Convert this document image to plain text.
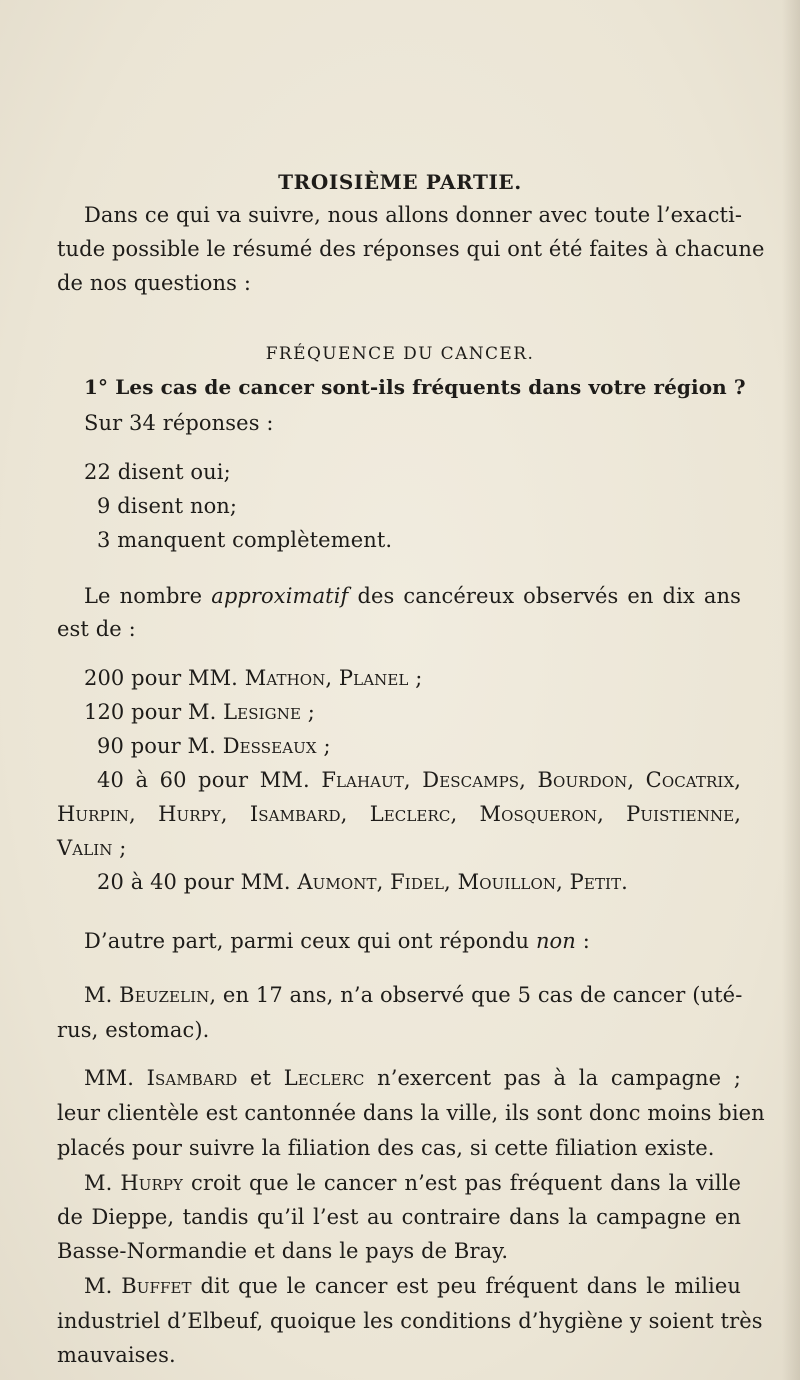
TROISIÈME PARTIE.
Dans ce qui va suivre, nous allons donner avec toute l’exacti-
tude possible le résumé des réponses qui ont été faites à chacune
de nos questions :
FRÉQUENCE DU CANCER.
1° Les cas de cancer sont-ils fréquents dans votre région ?
Sur 34 réponses :
22 disent oui;
9 disent non;
3 manquent complètement.
Le nombre approximatif des cancéreux observés en dix ans
est de :
200 pour MM. Mathon, Planel ;
120 pour M. Lesigne ;
90 pour M. Desseaux ;
40 à 60 pour MM. Flahaut, Descamps, Bourdon, Cocatrix,
Hurpin, Hurpy, Isambard, Leclerc, Mosqueron, Puistienne,
Valin ;
20 à 40 pour MM. Aumont, Fidel, Mouillon, Petit.
D’autre part, parmi ceux qui ont répondu non :
M. Beuzelin, en 17 ans, n’a observé que 5 cas de cancer (uté-
rus, estomac).
MM. Isambard et Leclerc n’exercent pas à la campagne ;
leur clientèle est cantonnée dans la ville, ils sont donc moins bien
placés pour suivre la filiation des cas, si cette filiation existe.
M. Hurpy croit que le cancer n’est pas fréquent dans la ville
de Dieppe, tandis qu’il l’est au contraire dans la campagne en
Basse-Normandie et dans le pays de Bray.
M. Buffet dit que le cancer est peu fréquent dans le milieu
industriel d’Elbeuf, quoique les conditions d’hygiène y soient très
mauvaises.
